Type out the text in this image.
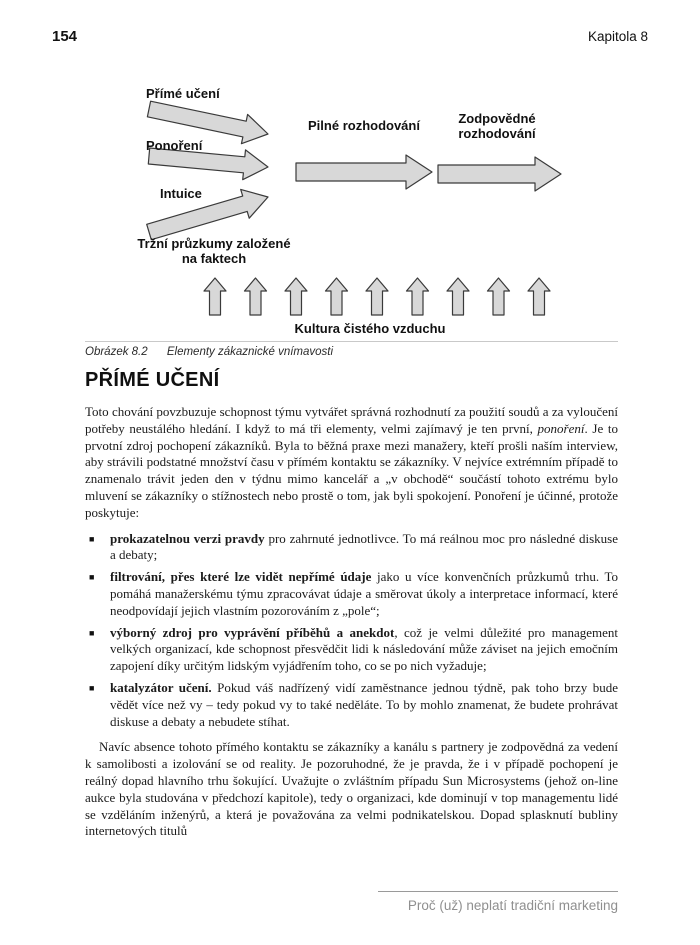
154	Kapitola 8
Přímé učení
Ponoření
Intuice
Tržní průzkumy založené na faktech
Pilné rozhodování	Zodpovědné rozhodování
Kultura čistého vzduchu
Obrázek 8.2 Elementy zákaznické vnímavosti
PŘÍMÉ UČENÍ

Toto chování povzbuzuje schopnost týmu vytvářet správná rozhodnutí za použití soudů a za vyloučení potřeby neustálého hledání. I když to má tři elementy, velmi zajímavý je ten první, ponoření. Je to prvotní zdroj pochopení zákazníků. Byla to běžná praxe mezi manažery, kteří prošli naším interview, aby strávili podstatné množství času v přímém kontaktu se zákazníky. V nejvíce extrémním případě to znamenalo trávit jeden den v týdnu mimo kancelář a „v obchodě“ součástí tohoto extrému bylo mluvení se zákazníky o stížnostech nebo prostě o tom, jak byli spokojení. Ponoření je účinné, protože poskytuje:

■ prokazatelnou verzi pravdy pro zahrnuté jednotlivce. To má reálnou moc pro následné diskuse a debaty;
■ filtrování, přes které lze vidět nepřímé údaje jako u více konvenčních průzkumů trhu. To pomáhá manažerskému týmu zpracovávat údaje a směrovat úkoly a interpretace informací, které neodpovídají jejich vlastním pozorováním z „pole“;
■ výborný zdroj pro vyprávění příběhů a anekdot, což je velmi důležité pro management velkých organizací, kde schopnost přesvědčit lidi k následování může záviset na jejich emočním zapojení díky určitým lidským vyjádřením toho, co se po nich vyžaduje;
■ katalyzátor učení. Pokud váš nadřízený vidí zaměstnance jednou týdně, pak toho brzy bude vědět více než vy – tedy pokud vy to také neděláte. To by mohlo znamenat, že budete prohrávat diskuse a debaty a nebudete stíhat.

Navíc absence tohoto přímého kontaktu se zákazníky a kanálu s partnery je zodpovědná za vedení k samolibosti a izolování se od reality. Je pozoruhodné, že je pravda, že i v případě pochopení je reálný dopad hlavního trhu šokující. Uvažujte o zvláštním případu Sun Microsystems (jehož on-line aukce byla studována v předchozí kapitole), tedy o organizaci, kde dominují v top managementu lidé se vzděláním inženýrů, a která je považována za velmi podnikatelskou. Dopad splasknutí bubliny internetových titulů

Proč (už) neplatí tradiční marketing
